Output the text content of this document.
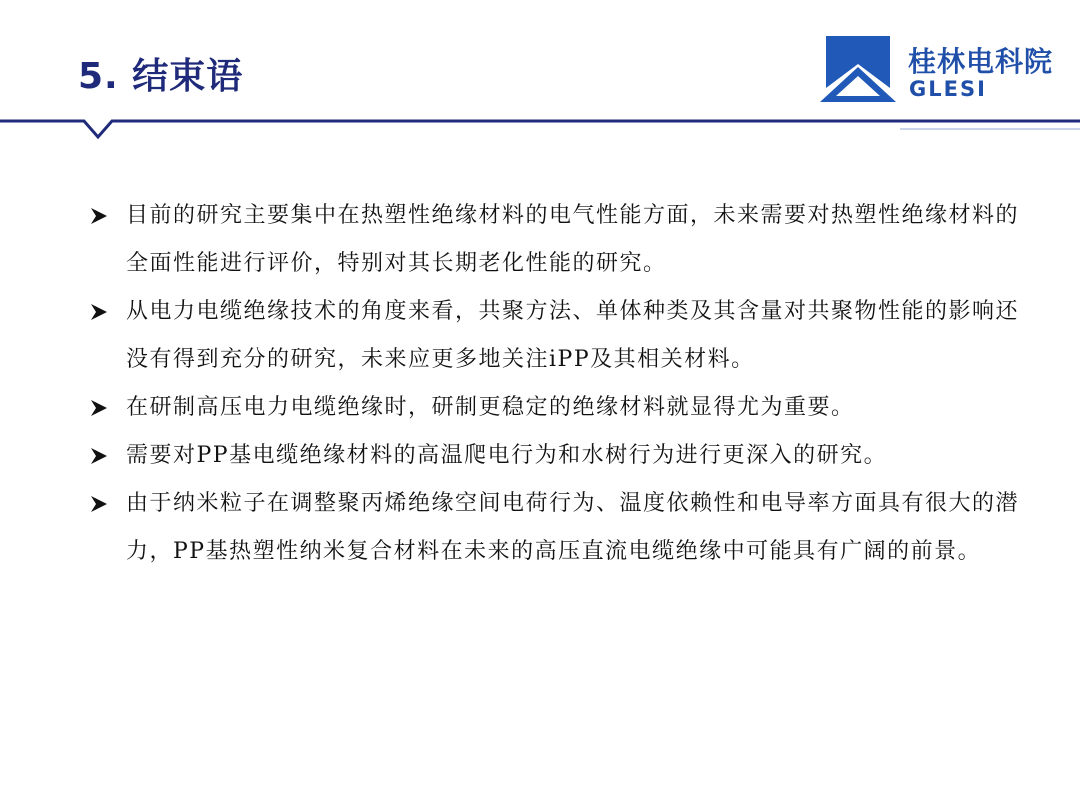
5. 结束语	桂林电科院
GLESI
目前的研究主要集中在热塑性绝缘材料的电气性能方面，未来需要对热塑性绝缘材料的全面性能进行评价，特别对其长期老化性能的研究。
从电力电缆绝缘技术的角度来看，共聚方法、单体种类及其含量对共聚物性能的影响还没有得到充分的研究，未来应更多地关注iPP及其相关材料。
在研制高压电力电缆绝缘时，研制更稳定的绝缘材料就显得尤为重要。
需要对PP基电缆绝缘材料的高温爬电行为和水树行为进行更深入的研究。
由于纳米粒子在调整聚丙烯绝缘空间电荷行为、温度依赖性和电导率方面具有很大的潜力，PP基热塑性纳米复合材料在未来的高压直流电缆绝缘中可能具有广阔的前景。
